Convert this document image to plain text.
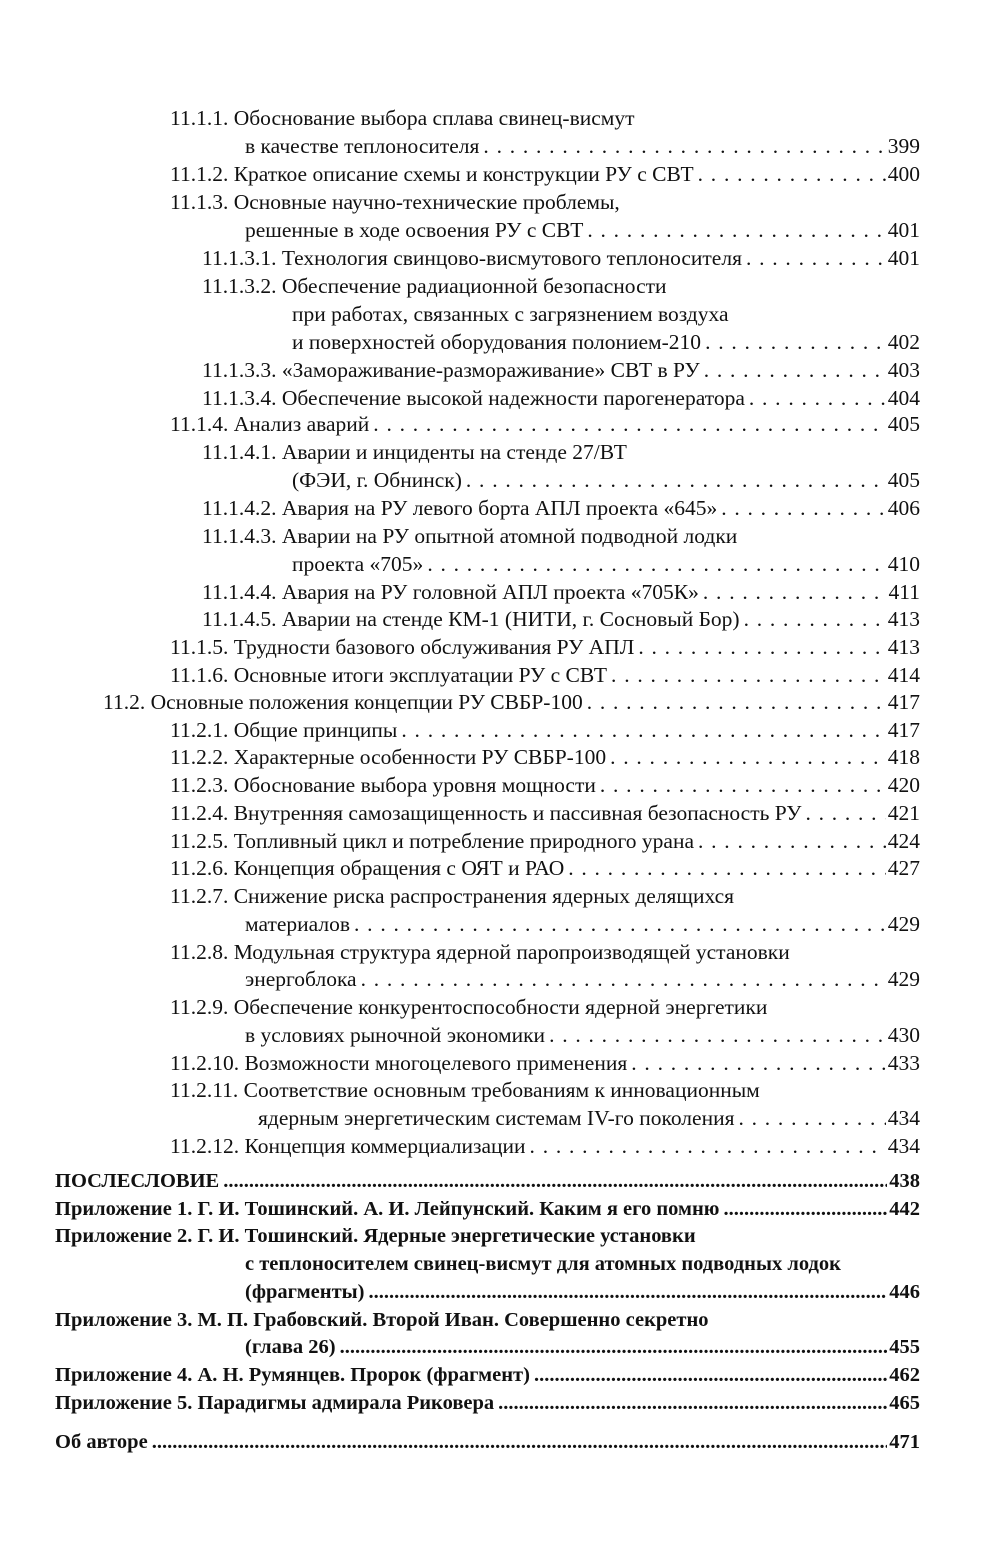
11.1.1. Обоснование выбора сплава свинец-висмут
в качестве теплоносителя . . .	399
11.1.2. Краткое описание схемы и конструкции РУ с СВТ . . .	400
11.1.3. Основные научно-технические проблемы,
решенные в ходе освоения РУ с СВТ . . .	401
11.1.3.1. Технология свинцово-висмутового теплоносителя . . .	401
11.1.3.2. Обеспечение радиационной безопасности
при работах, связанных с загрязнением воздуха
и поверхностей оборудования полонием-210 . . .	402
11.1.3.3. «Замораживание-размораживание» СВТ в РУ . . .	403
11.1.3.4. Обеспечение высокой надежности парогенератора . . .	404
11.1.4. Анализ аварий . . .	405
11.1.4.1. Аварии и инциденты на стенде 27/ВТ
(ФЭИ, г. Обнинск) . . .	405
11.1.4.2. Авария на РУ левого борта АПЛ проекта «645» . . .	406
11.1.4.3. Аварии на РУ опытной атомной подводной лодки
проекта «705» . . .	410
11.1.4.4. Авария на РУ головной АПЛ проекта «705К» . . .	411
11.1.4.5. Аварии на стенде КМ-1 (НИТИ, г. Сосновый Бор) . . .	413
11.1.5. Трудности базового обслуживания РУ АПЛ . . .	413
11.1.6. Основные итоги эксплуатации РУ с СВТ . . .	414
11.2. Основные положения концепции РУ СВБР-100 . . .	417
11.2.1. Общие принципы . . .	417
11.2.2. Характерные особенности РУ СВБР-100 . . .	418
11.2.3. Обоснование выбора уровня мощности . . .	420
11.2.4. Внутренняя самозащищенность и пассивная безопасность РУ . . .	421
11.2.5. Топливный цикл и потребление природного урана . . .	424
11.2.6. Концепция обращения с ОЯТ и РАО . . .	427
11.2.7. Снижение риска распространения ядерных делящихся
материалов . . .	429
11.2.8. Модульная структура ядерной паропроизводящей установки
энергоблока . . .	429
11.2.9. Обеспечение конкурентоспособности ядерной энергетики
в условиях рыночной экономики . . .	430
11.2.10. Возможности многоцелевого применения . . .	433
11.2.11. Соответствие основным требованиям к инновационным
ядерным энергетическим системам IV-го поколения . . .	434
11.2.12. Концепция коммерциализации . . .	434
ПОСЛЕСЛОВИЕ .....	438
Приложение 1. Г. И. Тошинский. А. И. Лейпунский. Каким я его помню .....	442
Приложение 2. Г. И. Тошинский. Ядерные энергетические установки
с теплоносителем свинец-висмут для атомных подводных лодок
(фрагменты) .....	446
Приложение 3. М. П. Грабовский. Второй Иван. Совершенно секретно
(глава 26) .....	455
Приложение 4. А. Н. Румянцев. Пророк (фрагмент) .....	462
Приложение 5. Парадигмы адмирала Риковера .....	465
Об авторе .....	471
